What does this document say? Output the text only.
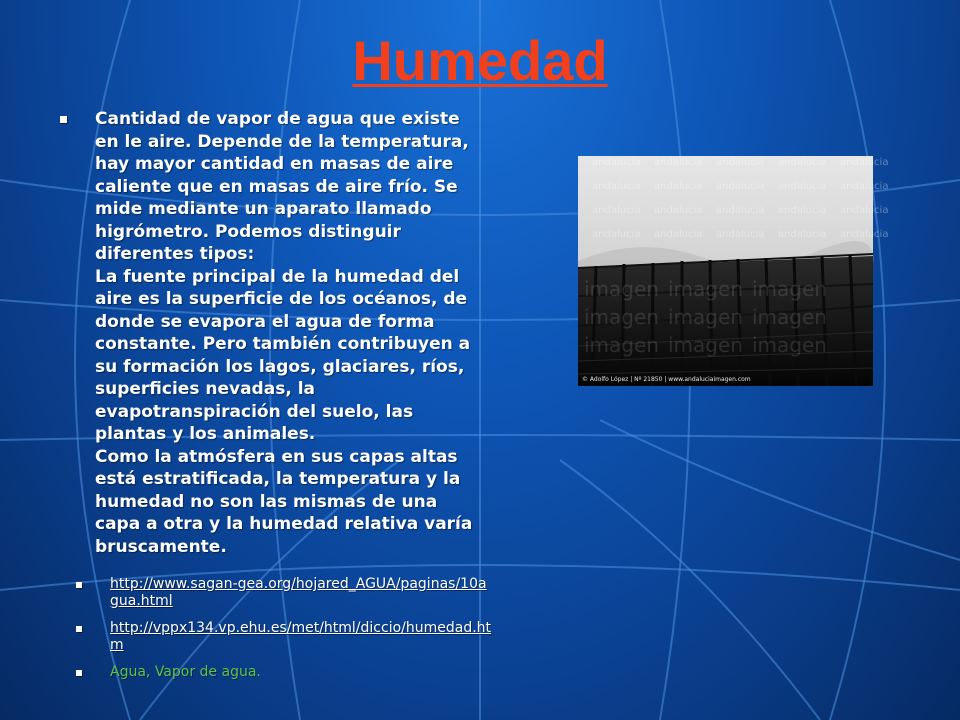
Humedad

Cantidad de vapor de agua que existe en le aire. Depende de la temperatura, hay mayor cantidad en masas de aire caliente que en masas de aire frío. Se mide mediante un aparato llamado higrómetro. Podemos distinguir diferentes tipos:

La fuente principal de la humedad del aire es la superficie de los océanos, de donde se evapora el agua de forma constante. Pero también contribuyen a su formación los lagos, glaciares, ríos, superficies nevadas, la evapotranspiración del suelo, las plantas y los animales.

Como la atmósfera en sus capas altas está estratificada, la temperatura y la humedad no son las mismas de una capa a otra y la humedad relativa varía bruscamente.

http://www.sagan-gea.org/hojared_AGUA/paginas/10agua.html
http://vppx134.vp.ehu.es/met/html/diccio/humedad.htm
Agua, Vapor de agua.
andalucia andalucia andalucia andalucia andalucia
andalucia andalucia andalucia andalucia andalucia
andalucia andalucia andalucia andalucia andalucia
andalucia andalucia andalucia andalucia andalucia
imagen imagen imagen
imagen imagen imagen
imagen imagen imagen
© Adolfo López | Nº 21850 | www.andaluciaimagen.com
